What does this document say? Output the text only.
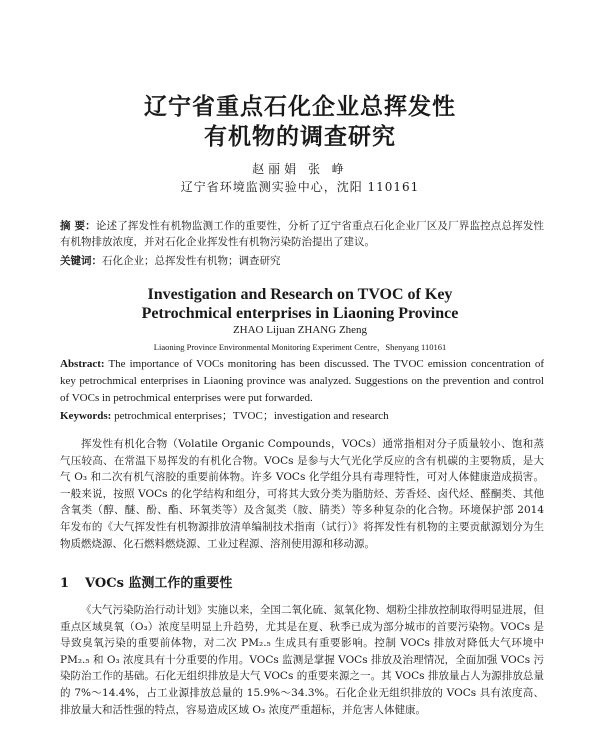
辽宁省重点石化企业总挥发性
有机物的调查研究
赵丽娟 张 峥
辽宁省环境监测实验中心，沈阳 110161
摘 要：论述了挥发性有机物监测工作的重要性，分析了辽宁省重点石化企业厂区及厂界监控点总挥发性有机物排放浓度，并对石化企业挥发性有机物污染防治提出了建议。
关键词：石化企业；总挥发性有机物；调查研究
Investigation and Research on TVOC of Key
Petrochmical enterprises in Liaoning Province
ZHAO Lijuan ZHANG Zheng
Liaoning Province Environmental Monitoring Experiment Centre，Shenyang 110161
Abstract: The importance of VOCs monitoring has been discussed. The TVOC emission concentration of key petrochmical enterprises in Liaoning province was analyzed. Suggestions on the prevention and control of VOCs in petrochmical enterprises were put forwarded.
Keywords: petrochmical enterprises；TVOC；investigation and research
挥发性有机化合物（Volatile Organic Compounds，VOCs）通常指相对分子质量较小、饱和蒸气压较高、在常温下易挥发的有机化合物。VOCs 是参与大气光化学反应的含有机碳的主要物质，是大气 O₃ 和二次有机气溶胶的重要前体物。许多 VOCs 化学组分具有毒理特性，可对人体健康造成损害。一般来说，按照 VOCs 的化学结构和组分，可将其大致分类为脂肪烃、芳香烃、卤代烃、醛酮类、其他含氧类（醇、醚、酚、酯、环氧类等）及含氮类（胺、腈类）等多种复杂的化合物。环境保护部 2014 年发布的《大气挥发性有机物源排放清单编制技术指南（试行）》将挥发性有机物的主要贡献源划分为生物质燃烧源、化石燃料燃烧源、工业过程源、溶剂使用源和移动源。
1 VOCs 监测工作的重要性
《大气污染防治行动计划》实施以来，全国二氧化硫、氮氧化物、烟粉尘排放控制取得明显进展，但重点区域臭氧（O₃）浓度呈明显上升趋势，尤其是在夏、秋季已成为部分城市的首要污染物。VOCs 是导致臭氧污染的重要前体物，对二次 PM₂.₅ 生成具有重要影响。控制 VOCs 排放对降低大气环境中 PM₂.₅ 和 O₃ 浓度具有十分重要的作用。VOCs 监测是掌握 VOCs 排放及治理情况，全面加强 VOCs 污染防治工作的基础。石化无组织排放是大气 VOCs 的重要来源之一。其 VOCs 排放量占人为源排放总量的 7%～14.4%，占工业源排放总量的 15.9%～34.3%。石化企业无组织排放的 VOCs 具有浓度高、排放量大和活性强的特点，容易造成区域 O₃ 浓度严重超标，并危害人体健康。
